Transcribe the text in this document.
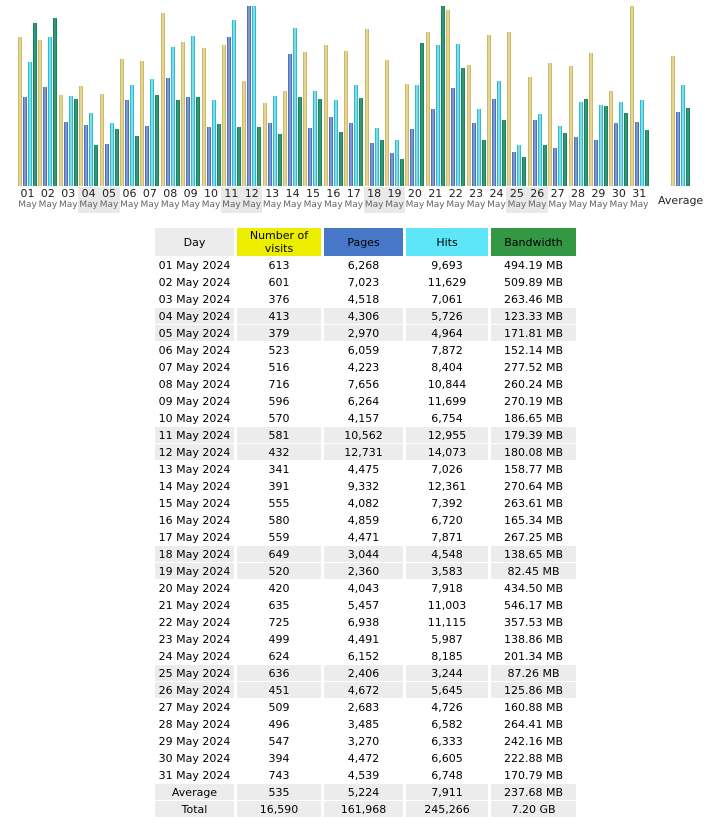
01
May
02
May
03
May
04
May
05
May
06
May
07
May
08
May
09
May
10
May
11
May
12
May
13
May
14
May
15
May
16
May
17
May
18
May
19
May
20
May
21
May
22
May
23
May
24
May
25
May
26
May
27
May
28
May
29
May
30
May
31
May Average
Day	Number of visits	Pages	Hits	Bandwidth
01 May 2024	613	6,268	9,693	494.19 MB
02 May 2024	601	7,023	11,629	509.89 MB
03 May 2024	376	4,518	7,061	263.46 MB
04 May 2024	413	4,306	5,726	123.33 MB
05 May 2024	379	2,970	4,964	171.81 MB
06 May 2024	523	6,059	7,872	152.14 MB
07 May 2024	516	4,223	8,404	277.52 MB
08 May 2024	716	7,656	10,844	260.24 MB
09 May 2024	596	6,264	11,699	270.19 MB
10 May 2024	570	4,157	6,754	186.65 MB
11 May 2024	581	10,562	12,955	179.39 MB
12 May 2024	432	12,731	14,073	180.08 MB
13 May 2024	341	4,475	7,026	158.77 MB
14 May 2024	391	9,332	12,361	270.64 MB
15 May 2024	555	4,082	7,392	263.61 MB
16 May 2024	580	4,859	6,720	165.34 MB
17 May 2024	559	4,471	7,871	267.25 MB
18 May 2024	649	3,044	4,548	138.65 MB
19 May 2024	520	2,360	3,583	82.45 MB
20 May 2024	420	4,043	7,918	434.50 MB
21 May 2024	635	5,457	11,003	546.17 MB
22 May 2024	725	6,938	11,115	357.53 MB
23 May 2024	499	4,491	5,987	138.86 MB
24 May 2024	624	6,152	8,185	201.34 MB
25 May 2024	636	2,406	3,244	87.26 MB
26 May 2024	451	4,672	5,645	125.86 MB
27 May 2024	509	2,683	4,726	160.88 MB
28 May 2024	496	3,485	6,582	264.41 MB
29 May 2024	547	3,270	6,333	242.16 MB
30 May 2024	394	4,472	6,605	222.88 MB
31 May 2024	743	4,539	6,748	170.79 MB
Average	535	5,224	7,911	237.68 MB
Total	16,590	161,968	245,266	7.20 GB
